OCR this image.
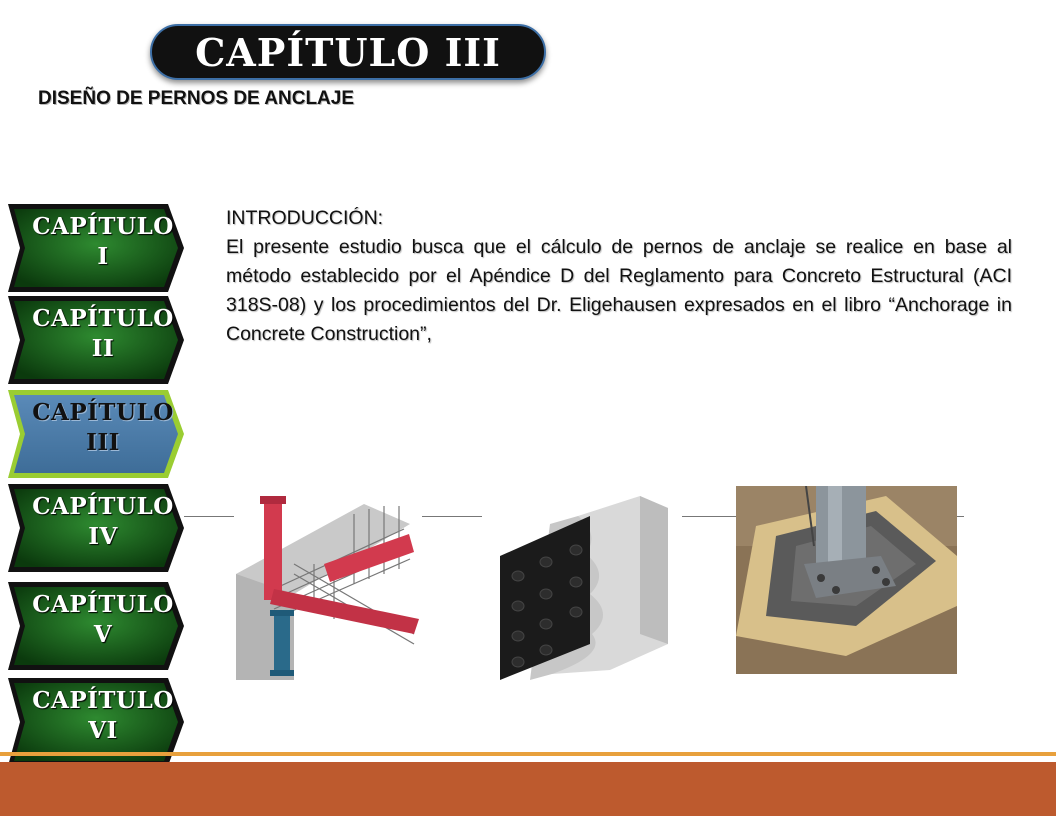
CAPÍTULO III
DISEÑO DE PERNOS DE ANCLAJE
CAPÍTULO
I
CAPÍTULO
II
CAPÍTULO
III
CAPÍTULO
IV
CAPÍTULO
V
CAPÍTULO
VI
INTRODUCCIÓN:
El presente estudio busca que el cálculo de pernos de anclaje se realice en base al método establecido por el Apéndice D del Reglamento para Concreto Estructural (ACI 318S-08) y los procedimientos del Dr. Eligehausen expresados en el libro “Anchorage in Concrete Construction”,
